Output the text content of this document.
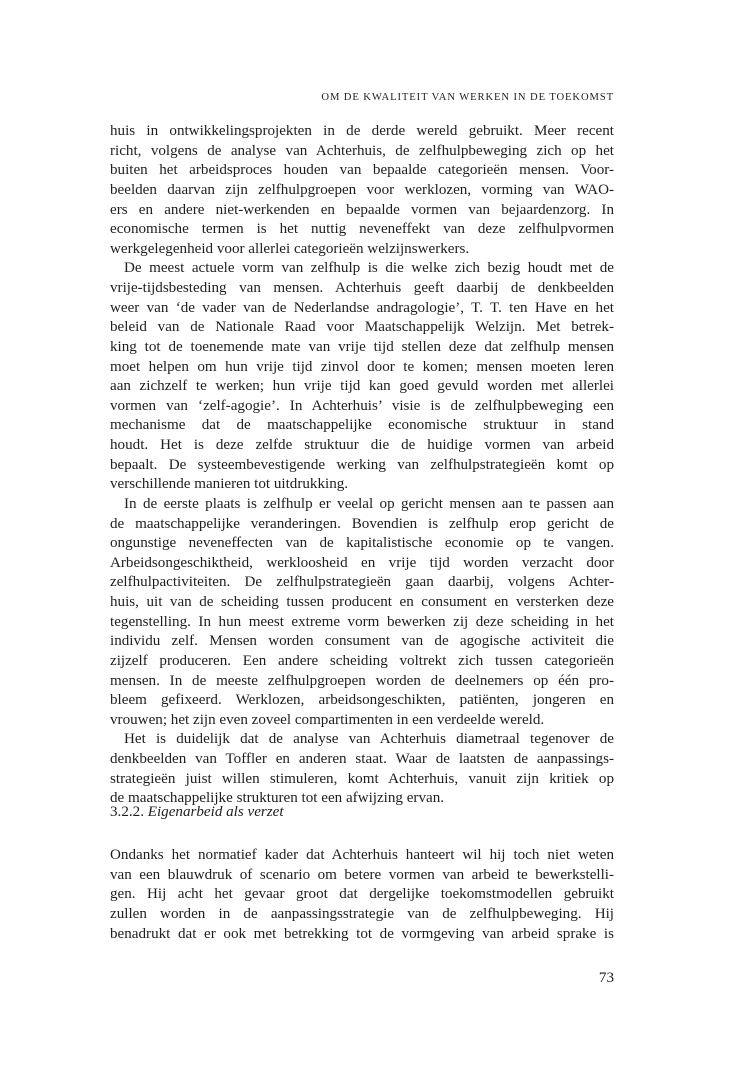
OM DE KWALITEIT VAN WERKEN IN DE TOEKOMST

huis in ontwikkelingsprojekten in de derde wereld gebruikt. Meer recent
richt, volgens de analyse van Achterhuis, de zelfhulpbeweging zich op het
buiten het arbeidsproces houden van bepaalde categorieën mensen. Voor-
beelden daarvan zijn zelfhulpgroepen voor werklozen, vorming van WAO-
ers en andere niet-werkenden en bepaalde vormen van bejaardenzorg. In
economische termen is het nuttig neveneffekt van deze zelfhulpvormen
werkgelegenheid voor allerlei categorieën welzijnswerkers.

De meest actuele vorm van zelfhulp is die welke zich bezig houdt met de
vrije-tijdsbesteding van mensen. Achterhuis geeft daarbij de denkbeelden
weer van ‘de vader van de Nederlandse andragologie’, T. T. ten Have en het
beleid van de Nationale Raad voor Maatschappelijk Welzijn. Met betrek-
king tot de toenemende mate van vrije tijd stellen deze dat zelfhulp mensen
moet helpen om hun vrije tijd zinvol door te komen; mensen moeten leren
aan zichzelf te werken; hun vrije tijd kan goed gevuld worden met allerlei
vormen van ‘zelf-agogie’. In Achterhuis’ visie is de zelfhulpbeweging een
mechanisme dat de maatschappelijke economische struktuur in stand
houdt. Het is deze zelfde struktuur die de huidige vormen van arbeid
bepaalt. De systeembevestigende werking van zelfhulpstrategieën komt op
verschillende manieren tot uitdrukking.

In de eerste plaats is zelfhulp er veelal op gericht mensen aan te passen aan
de maatschappelijke veranderingen. Bovendien is zelfhulp erop gericht de
ongunstige neveneffecten van de kapitalistische economie op te vangen.
Arbeidsongeschiktheid, werkloosheid en vrije tijd worden verzacht door
zelfhulpactiviteiten. De zelfhulpstrategieën gaan daarbij, volgens Achter-
huis, uit van de scheiding tussen producent en consument en versterken deze
tegenstelling. In hun meest extreme vorm bewerken zij deze scheiding in het
individu zelf. Mensen worden consument van de agogische activiteit die
zijzelf produceren. Een andere scheiding voltrekt zich tussen categorieën
mensen. In de meeste zelfhulpgroepen worden de deelnemers op één pro-
bleem gefixeerd. Werklozen, arbeidsongeschikten, patiënten, jongeren en
vrouwen; het zijn even zoveel compartimenten in een verdeelde wereld.

Het is duidelijk dat de analyse van Achterhuis diametraal tegenover de
denkbeelden van Toffler en anderen staat. Waar de laatsten de aanpassings-
strategieën juist willen stimuleren, komt Achterhuis, vanuit zijn kritiek op
de maatschappelijke strukturen tot een afwijzing ervan.

3.2.2. Eigenarbeid als verzet

Ondanks het normatief kader dat Achterhuis hanteert wil hij toch niet weten
van een blauwdruk of scenario om betere vormen van arbeid te bewerkstelli-
gen. Hij acht het gevaar groot dat dergelijke toekomstmodellen gebruikt
zullen worden in de aanpassingsstrategie van de zelfhulpbeweging. Hij
benadrukt dat er ook met betrekking tot de vormgeving van arbeid sprake is

73
